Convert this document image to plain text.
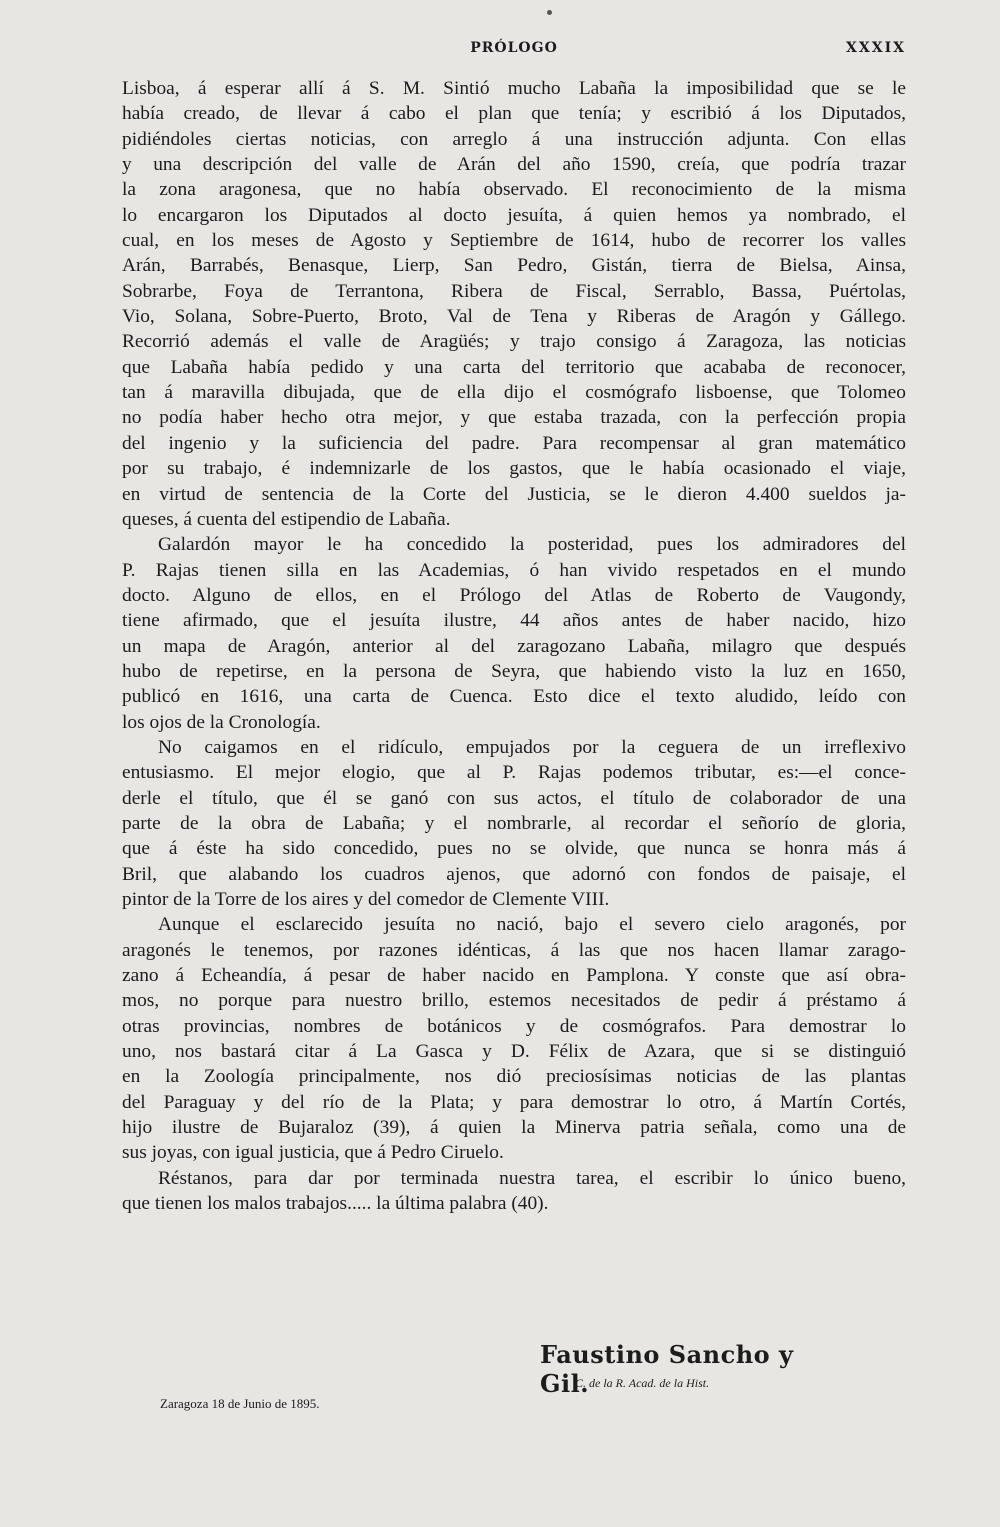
PRÓLOGO	XXXIX

Lisboa, á esperar allí á S. M. Sintió mucho Labaña la imposibilidad que se le
había creado, de llevar á cabo el plan que tenía; y escribió á los Diputados,
pidiéndoles ciertas noticias, con arreglo á una instrucción adjunta. Con ellas
y una descripción del valle de Arán del año 1590, creía, que podría trazar
la zona aragonesa, que no había observado. El reconocimiento de la misma
lo encargaron los Diputados al docto jesuíta, á quien hemos ya nombrado, el
cual, en los meses de Agosto y Septiembre de 1614, hubo de recorrer los valles
Arán, Barrabés, Benasque, Lierp, San Pedro, Gistán, tierra de Bielsa, Ainsa,
Sobrarbe, Foya de Terrantona, Ribera de Fiscal, Serrablo, Bassa, Puértolas,
Vio, Solana, Sobre-Puerto, Broto, Val de Tena y Riberas de Aragón y Gállego.
Recorrió además el valle de Aragüés; y trajo consigo á Zaragoza, las noticias
que Labaña había pedido y una carta del territorio que acababa de reconocer,
tan á maravilla dibujada, que de ella dijo el cosmógrafo lisboense, que Tolomeo
no podía haber hecho otra mejor, y que estaba trazada, con la perfección propia
del ingenio y la suficiencia del padre. Para recompensar al gran matemático
por su trabajo, é indemnizarle de los gastos, que le había ocasionado el viaje,
en virtud de sentencia de la Corte del Justicia, se le dieron 4.400 sueldos ja-
queses, á cuenta del estipendio de Labaña.

Galardón mayor le ha concedido la posteridad, pues los admiradores del
P. Rajas tienen silla en las Academias, ó han vivido respetados en el mundo
docto. Alguno de ellos, en el Prólogo del Atlas de Roberto de Vaugondy,
tiene afirmado, que el jesuíta ilustre, 44 años antes de haber nacido, hizo
un mapa de Aragón, anterior al del zaragozano Labaña, milagro que después
hubo de repetirse, en la persona de Seyra, que habiendo visto la luz en 1650,
publicó en 1616, una carta de Cuenca. Esto dice el texto aludido, leído con
los ojos de la Cronología.

No caigamos en el ridículo, empujados por la ceguera de un irreflexivo
entusiasmo. El mejor elogio, que al P. Rajas podemos tributar, es:—el conce-
derle el título, que él se ganó con sus actos, el título de colaborador de una
parte de la obra de Labaña; y el nombrarle, al recordar el señorío de gloria,
que á éste ha sido concedido, pues no se olvide, que nunca se honra más á
Bril, que alabando los cuadros ajenos, que adornó con fondos de paisaje, el
pintor de la Torre de los aires y del comedor de Clemente VIII.

Aunque el esclarecido jesuíta no nació, bajo el severo cielo aragonés, por
aragonés le tenemos, por razones idénticas, á las que nos hacen llamar zarago-
zano á Echeandía, á pesar de haber nacido en Pamplona. Y conste que así obra-
mos, no porque para nuestro brillo, estemos necesitados de pedir á préstamo á
otras provincias, nombres de botánicos y de cosmógrafos. Para demostrar lo
uno, nos bastará citar á La Gasca y D. Félix de Azara, que si se distinguió
en la Zoología principalmente, nos dió preciosísimas noticias de las plantas
del Paraguay y del río de la Plata; y para demostrar lo otro, á Martín Cortés,
hijo ilustre de Bujaraloz (39), á quien la Minerva patria señala, como una de
sus joyas, con igual justicia, que á Pedro Ciruelo.

Réstanos, para dar por terminada nuestra tarea, el escribir lo único bueno,
que tienen los malos trabajos..... la última palabra (40).

Faustino Sancho y Gil.
C. de la R. Acad. de la Hist.
Zaragoza 18 de Junio de 1895.
